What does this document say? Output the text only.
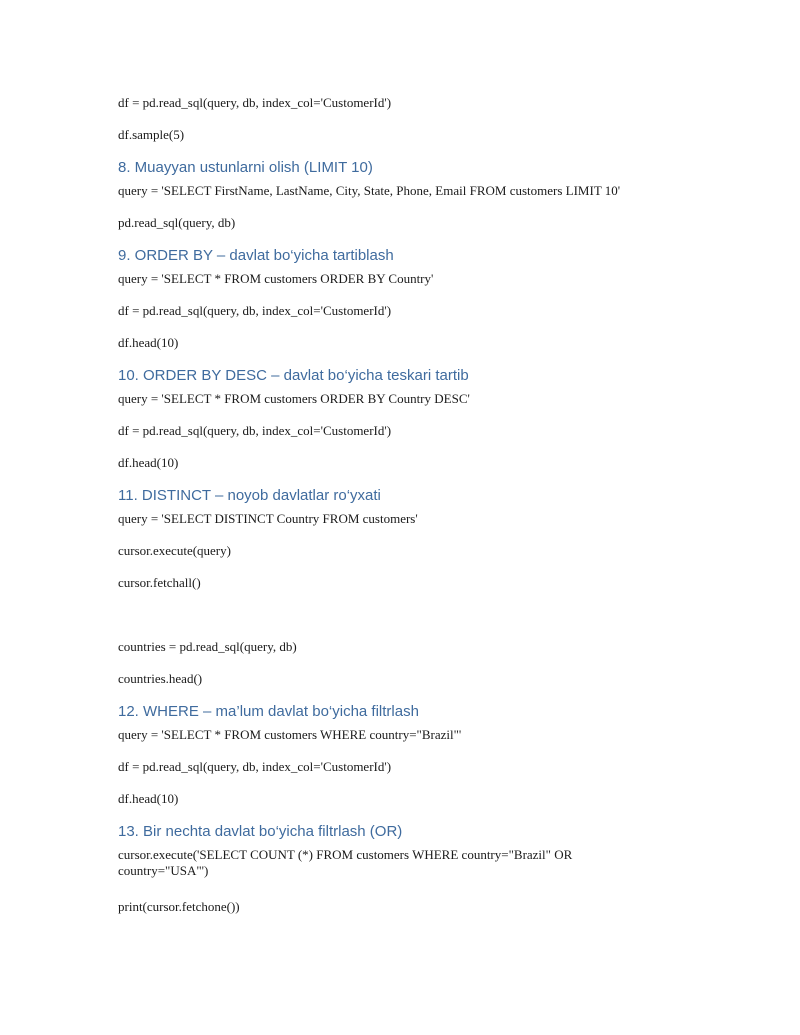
df = pd.read_sql(query, db, index_col='CustomerId')
df.sample(5)
8. Muayyan ustunlarni olish (LIMIT 10)
query = 'SELECT FirstName, LastName, City, State, Phone, Email FROM customers LIMIT 10'
pd.read_sql(query, db)
9. ORDER BY – davlat bo‘yicha tartiblash
query = 'SELECT * FROM customers ORDER BY Country'
df = pd.read_sql(query, db, index_col='CustomerId')
df.head(10)
10. ORDER BY DESC – davlat bo‘yicha teskari tartib
query = 'SELECT * FROM customers ORDER BY Country DESC'
df = pd.read_sql(query, db, index_col='CustomerId')
df.head(10)
11. DISTINCT – noyob davlatlar ro‘yxati
query = 'SELECT DISTINCT Country FROM customers'
cursor.execute(query)
cursor.fetchall()
countries = pd.read_sql(query, db)
countries.head()
12. WHERE – ma’lum davlat bo‘yicha filtrlash
query = 'SELECT * FROM customers WHERE country="Brazil"'
df = pd.read_sql(query, db, index_col='CustomerId')
df.head(10)
13. Bir nechta davlat bo‘yicha filtrlash (OR)
cursor.execute('SELECT COUNT (*) FROM customers WHERE country="Brazil" OR country="USA"')
print(cursor.fetchone())
